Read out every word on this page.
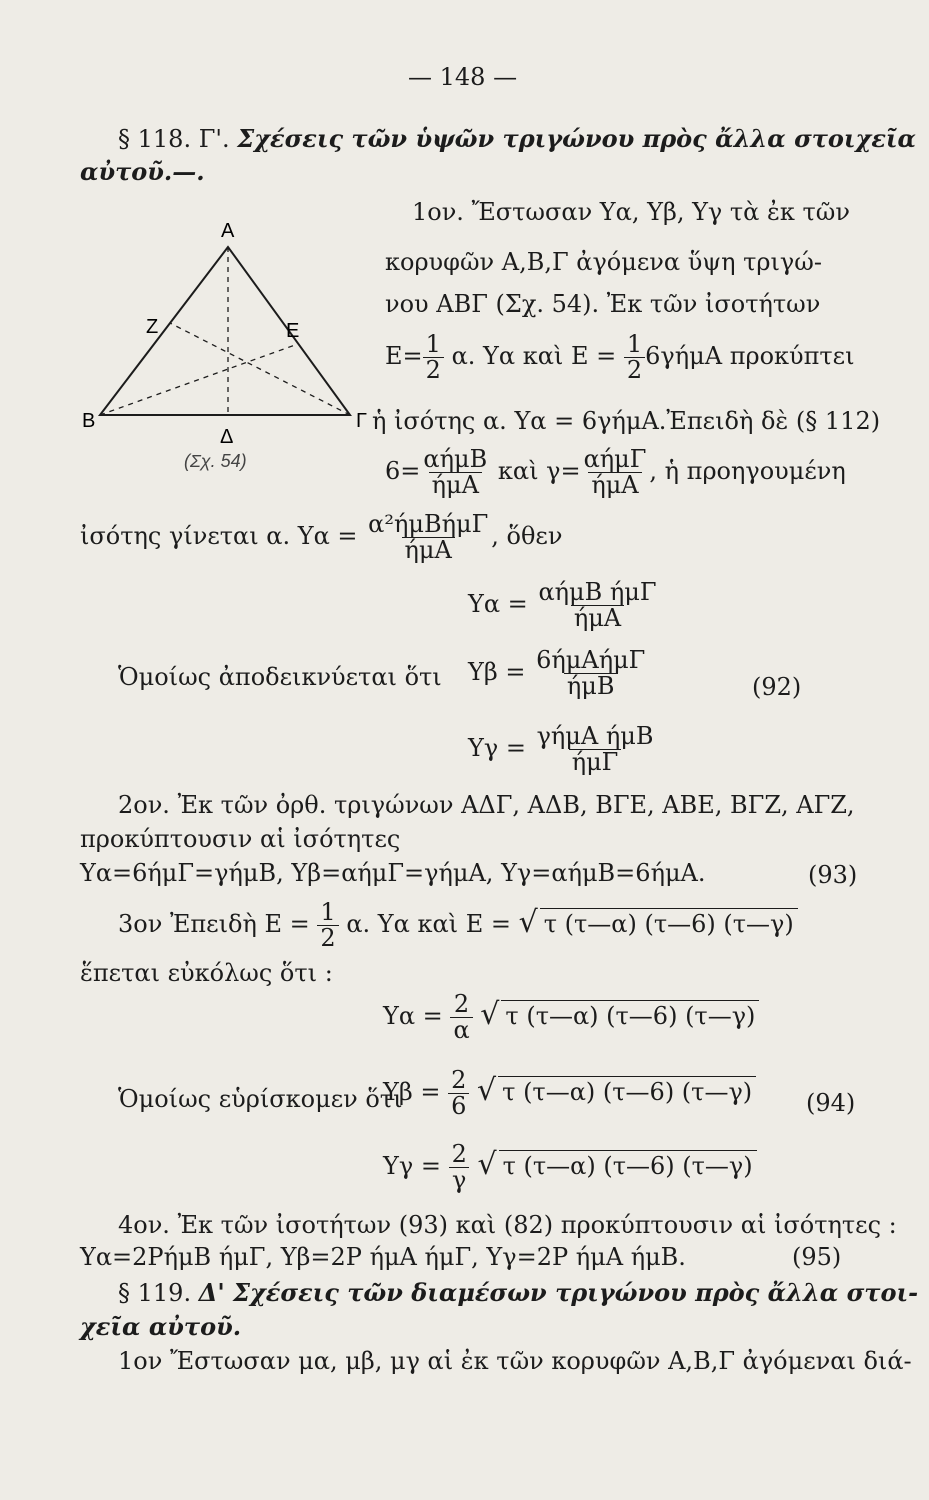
— 148 —
§ 118. Γ'. Σχέσεις τῶν ὑψῶν τριγώνου πρὸς ἄλλα στοιχεῖα
αὐτοῦ.—.
A
B	Γ
Δ
Z	E
(Σχ. 54)
1ον. Ἔστωσαν Υα, Υβ, Υγ τὰ ἐκ τῶν
κορυφῶν Α,Β,Γ ἀγόμενα ὕψη τριγώ-
νου ΑΒΓ (Σχ. 54). Ἐκ τῶν ἰσοτήτων
$E= \frac{1}{2} \alpha$. Υα καὶ $E = \frac{1}{2} 6\gamma ή\mu A$ προκύπτει
ἡ ἰσότης α. Υα = 6γήμΑ.Ἐπειδὴ δὲ (§ 112)
6= αήμΒ
ήμΑ καὶ γ= αήμΓ
ήμΑ , ἡ προηγουμένη
ἰσότης γίνεται α. Υα = α²ήμΒήμΓ
ήμΑ , ὅθεν
Υα = αήμΒ ήμΓ
ήμΑ
Ὁμοίως ἀποδεικνύεται ὅτι Υβ = 6ήμΑήμΓ
ήμΒ	(92)
Υγ = γήμΑ ήμΒ
ήμΓ
2ον. Ἐκ τῶν ὀρθ. τριγώνων ΑΔΓ, ΑΔΒ, ΒΓΕ, ΑΒΕ, ΒΓΖ, ΑΓΖ,
προκύπτουσιν αἱ ἰσότητες
Υα=6ήμΓ=γήμΒ, Υβ=αήμΓ=γήμΑ, Υγ=αήμΒ=6ήμΑ.	(93)
3ον Ἐπειδὴ $E = \frac{1}{2} \alpha$. Υα καὶ E = √ τ (τ—α) (τ—6) (τ—γ)
ἕπεται εὐκόλως ὅτι :
$\Upsilon\alpha = \frac{2}{\alpha}$ √ τ (τ—α) (τ—6) (τ—γ)
Ὁμοίως εὑρίσκομεν ὅτι
$\Upsilon\beta = \frac{2}{6}$ √ τ (τ—α) (τ—6) (τ—γ) (94)
$\Upsilon\gamma = \frac{2}{\gamma}$ √ τ (τ—α) (τ—6) (τ—γ)
4ον. Ἐκ τῶν ἰσοτήτων (93) καὶ (82) προκύπτουσιν αἱ ἰσότητες :
Υα=2ΡήμΒ ήμΓ, Υβ=2Ρ ήμΑ ήμΓ, Υγ=2Ρ ήμΑ ήμΒ.	(95)
§ 119. Δ' Σχέσεις τῶν διαμέσων τριγώνου πρὸς ἄλλα στοι-
χεῖα αὐτοῦ.
1ον Ἔστωσαν μα, μβ, μγ αἱ ἐκ τῶν κορυφῶν Α,Β,Γ ἀγόμεναι διά-
